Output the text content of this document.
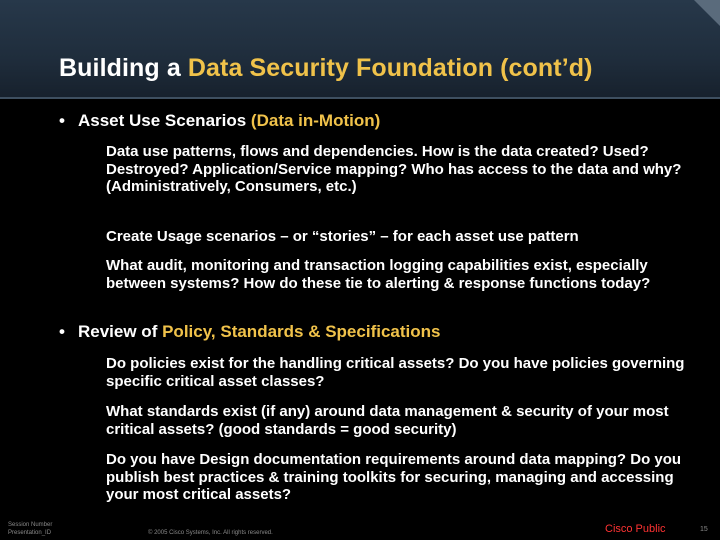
Building a Data Security Foundation (cont’d)
• Asset Use Scenarios (Data in-Motion)

Data use patterns, flows and dependencies. How is the data created? Used? Destroyed? Application/Service mapping? Who has access to the data and why? (Administratively, Consumers, etc.)

Create Usage scenarios – or “stories” – for each asset use pattern

What audit, monitoring and transaction logging capabilities exist, especially between systems? How do these tie to alerting & response functions today?

• Review of Policy, Standards & Specifications

Do policies exist for the handling critical assets? Do you have policies governing specific critical asset classes?

What standards exist (if any) around data management & security of your most critical assets? (good standards = good security)

Do you have Design documentation requirements around data mapping? Do you publish best practices & training toolkits for securing, managing and accessing your most critical assets?

Session Number
Presentation_ID	© 2005 Cisco Systems, Inc. All rights reserved.	Cisco Public	15
